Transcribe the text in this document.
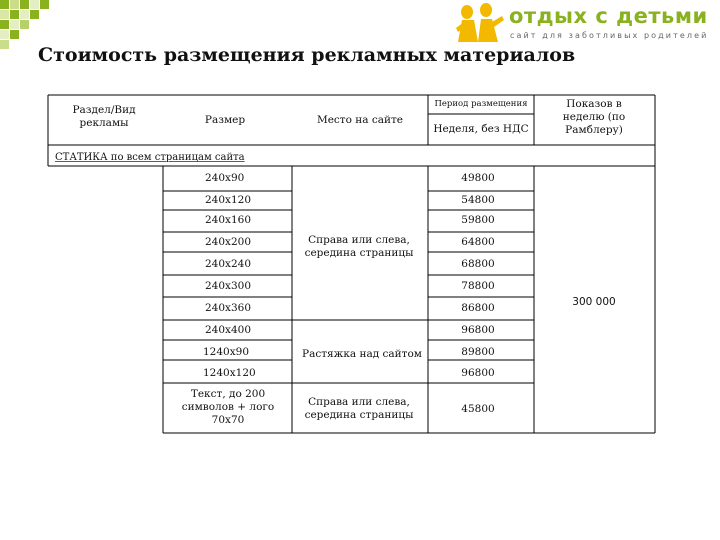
отдых с детьми
сайт для заботливых родителей
Стоимость размещения рекламных материалов
Раздел/Вид рекламы	Размер	Место на сайте
Период размещения
Неделя, без НДС
Показов в неделю (по Рамблеру)
СТАТИКА по всем страницам сайта
240x90
240x120
240x160
240x200
240x240
240x300
240x360
240x400
1240x90
1240x120
Текст, до 200 символов + лого 70x70
Справа или слева, середина страницы
Растяжка над сайтом
Справа или слева, середина страницы
49800
54800
59800
64800
68800
78800
86800
96800
89800
96800
45800
300 000
